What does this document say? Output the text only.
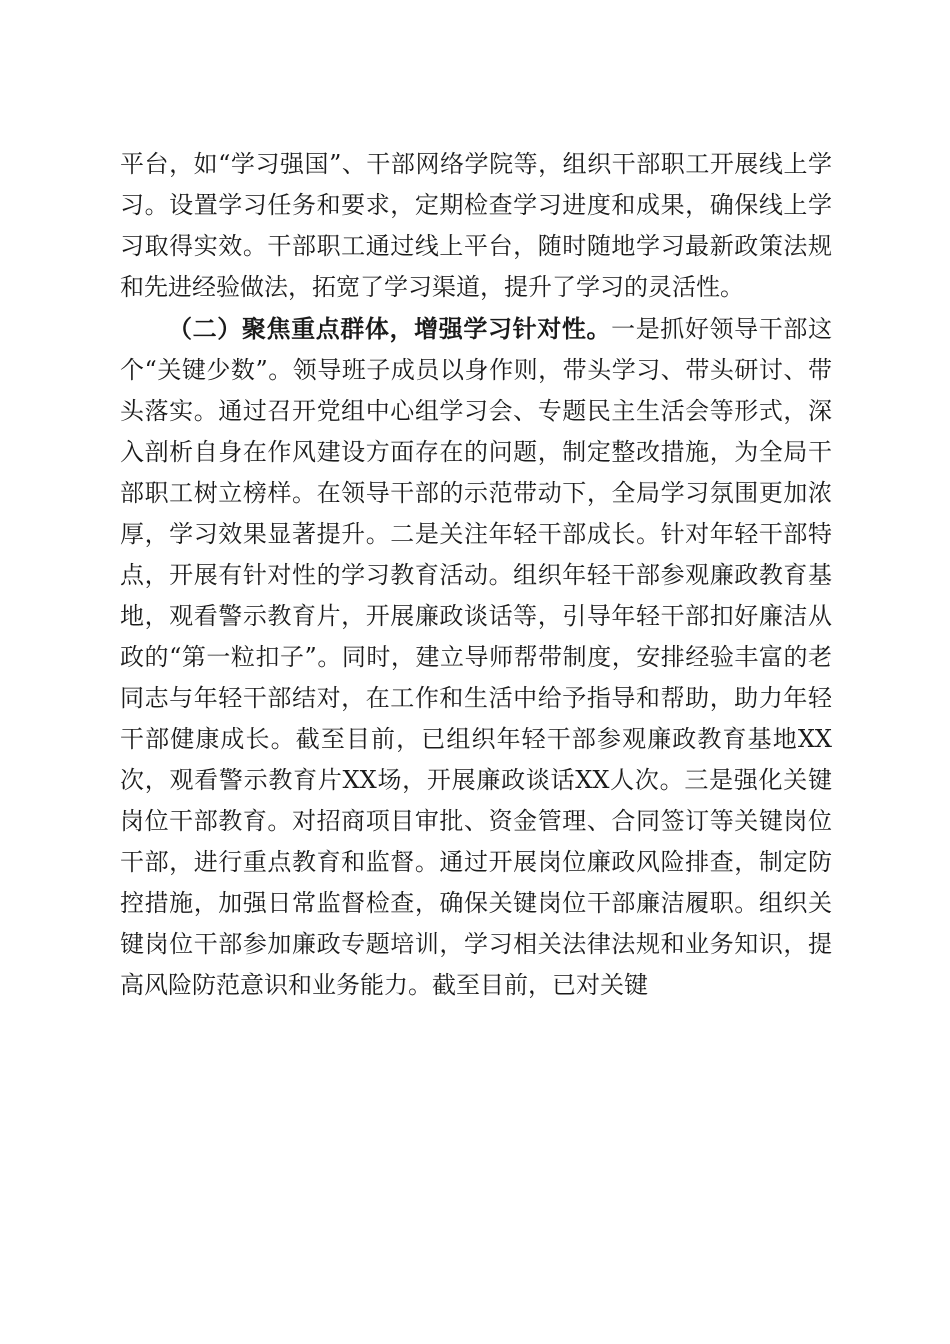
平台，如“学习强国”、干部网络学院等，组织干部职工开展线上学习。设置学习任务和要求，定期检查学习进度和成果，确保线上学习取得实效。干部职工通过线上平台，随时随地学习最新政策法规和先进经验做法，拓宽了学习渠道，提升了学习的灵活性。

（二）聚焦重点群体，增强学习针对性。一是抓好领导干部这个“关键少数”。领导班子成员以身作则，带头学习、带头研讨、带头落实。通过召开党组中心组学习会、专题民主生活会等形式，深入剖析自身在作风建设方面存在的问题，制定整改措施，为全局干部职工树立榜样。在领导干部的示范带动下，全局学习氛围更加浓厚，学习效果显著提升。二是关注年轻干部成长。针对年轻干部特点，开展有针对性的学习教育活动。组织年轻干部参观廉政教育基地，观看警示教育片，开展廉政谈话等，引导年轻干部扣好廉洁从政的“第一粒扣子”。同时，建立导师帮带制度，安排经验丰富的老同志与年轻干部结对，在工作和生活中给予指导和帮助，助力年轻干部健康成长。截至目前，已组织年轻干部参观廉政教育基地XX次，观看警示教育片XX场，开展廉政谈话XX人次。三是强化关键岗位干部教育。对招商项目审批、资金管理、合同签订等关键岗位干部，进行重点教育和监督。通过开展岗位廉政风险排查，制定防控措施，加强日常监督检查，确保关键岗位干部廉洁履职。组织关键岗位干部参加廉政专题培训，学习相关法律法规和业务知识，提高风险防范意识和业务能力。截至目前，已对关键
